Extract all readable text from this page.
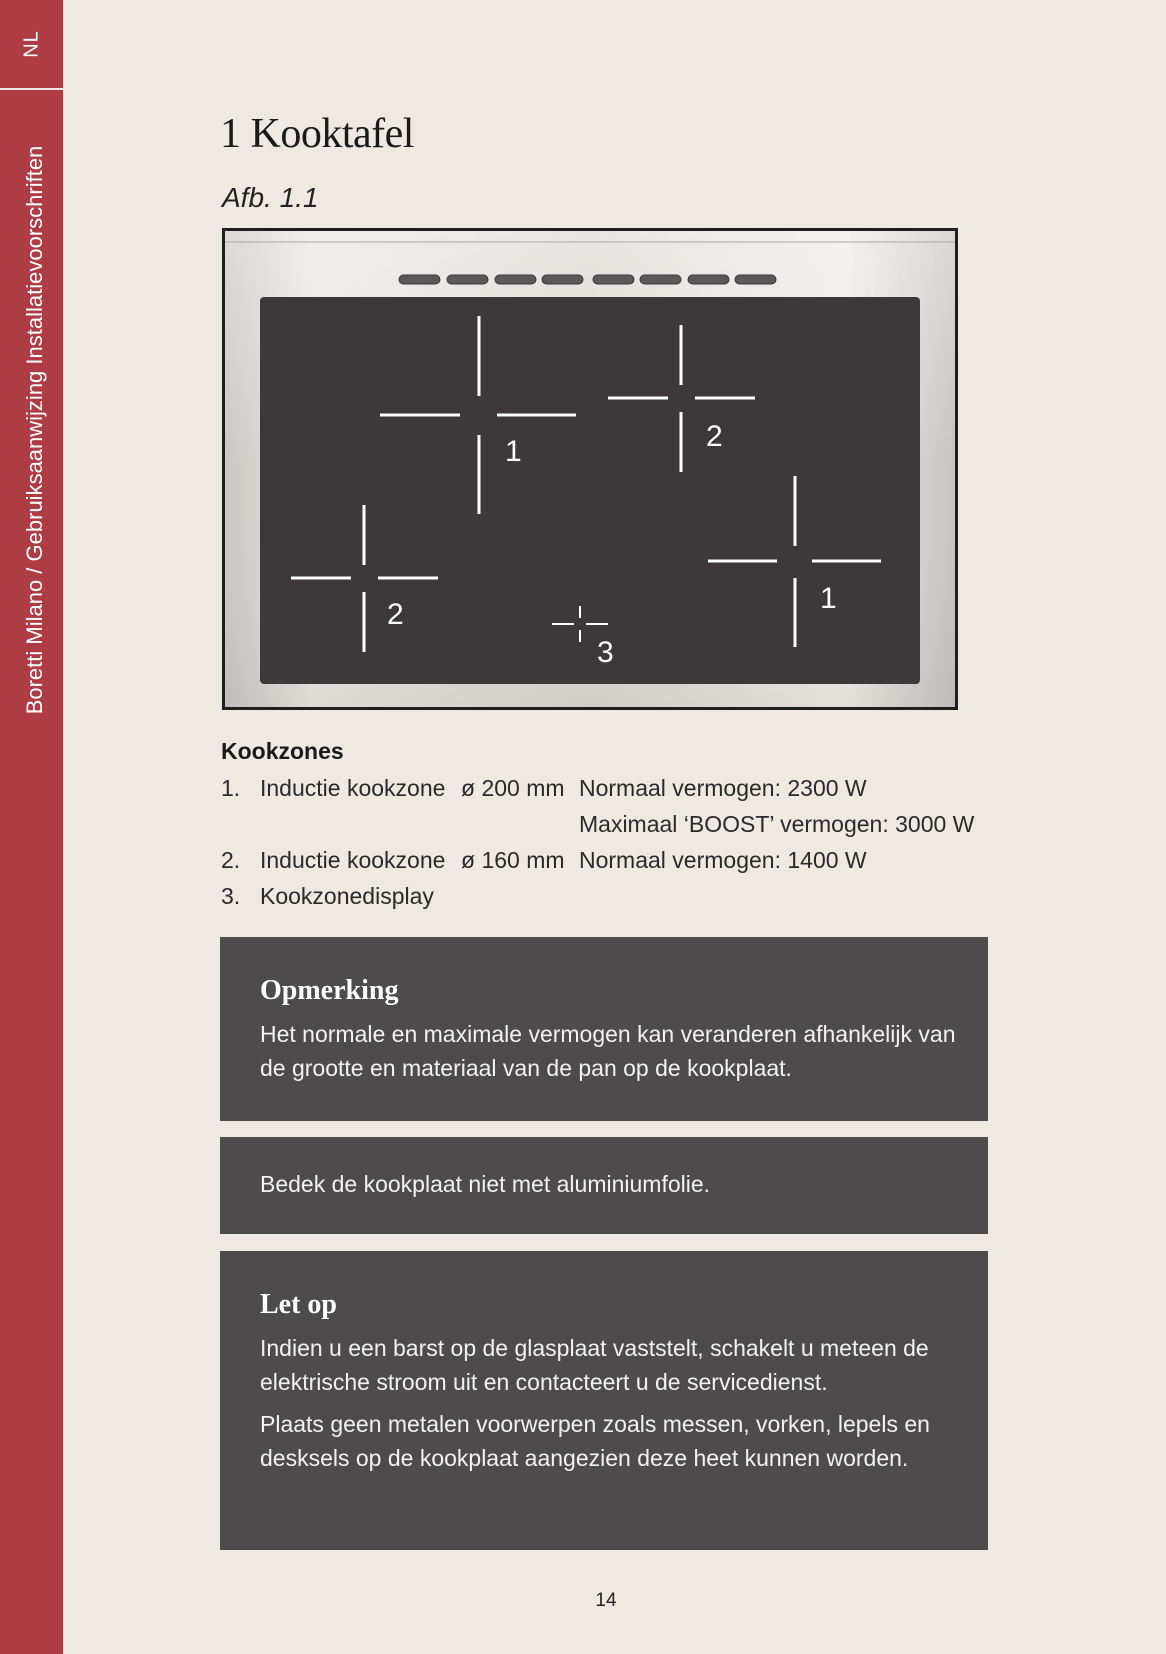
NL
Boretti Milano / Gebruiksaanwijzing Installatievoorschriften
1 Kooktafel
Afb. 1.1
1	2
2	1
3
Kookzones
1. Inductie kookzone ø 200 mm Normaal vermogen: 2300 W
Maximaal ‘BOOST’ vermogen: 3000 W
2. Inductie kookzone ø 160 mm Normaal vermogen: 1400 W
3. Kookzonedisplay
Opmerking

Het normale en maximale vermogen kan veranderen afhankelijk van de grootte en materiaal van de pan op de kookplaat.

Bedek de kookplaat niet met aluminiumfolie.

Let op

Indien u een barst op de glasplaat vaststelt, schakelt u meteen de elektrische stroom uit en contacteert u de servicedienst.

Plaats geen metalen voorwerpen zoals messen, vorken, lepels en desksels op de kookplaat aangezien deze heet kunnen worden.

14
